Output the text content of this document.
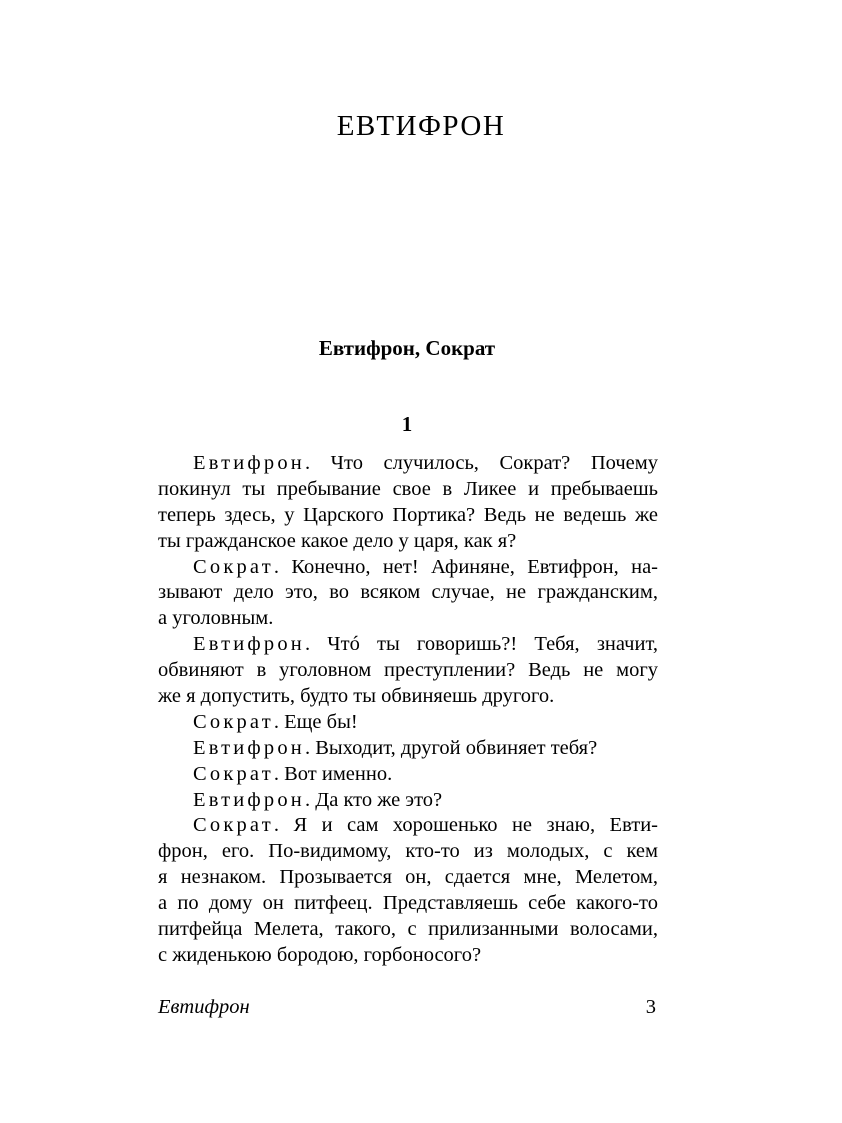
ЕВТИФРОН
Евтифрон, Сократ
1
Евтифрон. Что случилось, Сократ? Почему
покинул ты пребывание свое в Ликее и пребываешь
теперь здесь, у Царского Портика? Ведь не ведешь же
ты гражданское какое дело у царя, как я?
Сократ. Конечно, нет! Афиняне, Евтифрон, на-
зывают дело это, во всяком случае, не гражданским,
а уголовным.
Евтифрон. Чтó ты говоришь?! Тебя, значит,
обвиняют в уголовном преступлении? Ведь не могу
же я допустить, будто ты обвиняешь другого.
Сократ. Еще бы!
Евтифрон. Выходит, другой обвиняет тебя?
Сократ. Вот именно.
Евтифрон. Да кто же это?
Сократ. Я и сам хорошенько не знаю, Евти-
фрон, его. По-видимому, кто-то из молодых, с кем
я незнаком. Прозывается он, сдается мне, Мелетом,
а по дому он питфеец. Представляешь себе какого-то
питфейца Мелета, такого, с прилизанными волосами,
с жиденькою бородою, горбоносого?
Евтифрон	3
